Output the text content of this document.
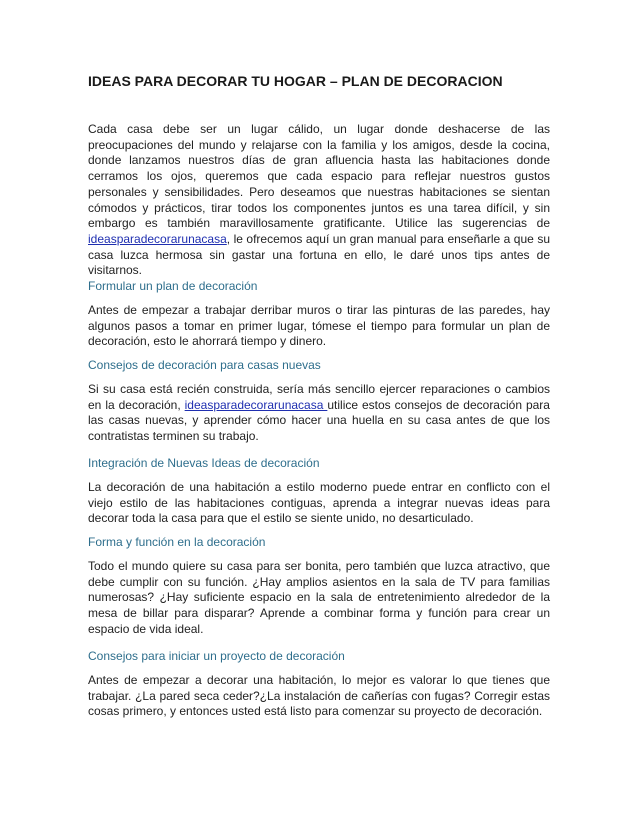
IDEAS PARA DECORAR TU HOGAR – PLAN DE DECORACION

Cada casa debe ser un lugar cálido, un lugar donde deshacerse de las preocupaciones del mundo y relajarse con la familia y los amigos, desde la cocina, donde lanzamos nuestros días de gran afluencia hasta las habitaciones donde cerramos los ojos, queremos que cada espacio para reflejar nuestros gustos personales y sensibilidades. Pero deseamos que nuestras habitaciones se sientan cómodos y prácticos, tirar todos los componentes juntos es una tarea difícil, y sin embargo es también maravillosamente gratificante. Utilice las sugerencias de ideasparadecorarunacasa, le ofrecemos aquí un gran manual para enseñarle a que su casa luzca hermosa sin gastar una fortuna en ello, le daré unos tips antes de visitarnos.

Formular un plan de decoración

Antes de empezar a trabajar derribar muros o tirar las pinturas de las paredes, hay algunos pasos a tomar en primer lugar, tómese el tiempo para formular un plan de decoración, esto le ahorrará tiempo y dinero.

Consejos de decoración para casas nuevas

Si su casa está recién construida, sería más sencillo ejercer reparaciones o cambios en la decoración, ideasparadecorarunacasa utilice estos consejos de decoración para las casas nuevas, y aprender cómo hacer una huella en su casa antes de que los contratistas terminen su trabajo.

Integración de Nuevas Ideas de decoración

La decoración de una habitación a estilo moderno puede entrar en conflicto con el viejo estilo de las habitaciones contiguas, aprenda a integrar nuevas ideas para decorar toda la casa para que el estilo se siente unido, no desarticulado.

Forma y función en la decoración

Todo el mundo quiere su casa para ser bonita, pero también que luzca atractivo, que debe cumplir con su función. ¿Hay amplios asientos en la sala de TV para familias numerosas? ¿Hay suficiente espacio en la sala de entretenimiento alrededor de la mesa de billar para disparar? Aprende a combinar forma y función para crear un espacio de vida ideal.

Consejos para iniciar un proyecto de decoración

Antes de empezar a decorar una habitación, lo mejor es valorar lo que tienes que trabajar. ¿La pared seca ceder?¿La instalación de cañerías con fugas? Corregir estas cosas primero, y entonces usted está listo para comenzar su proyecto de decoración.
